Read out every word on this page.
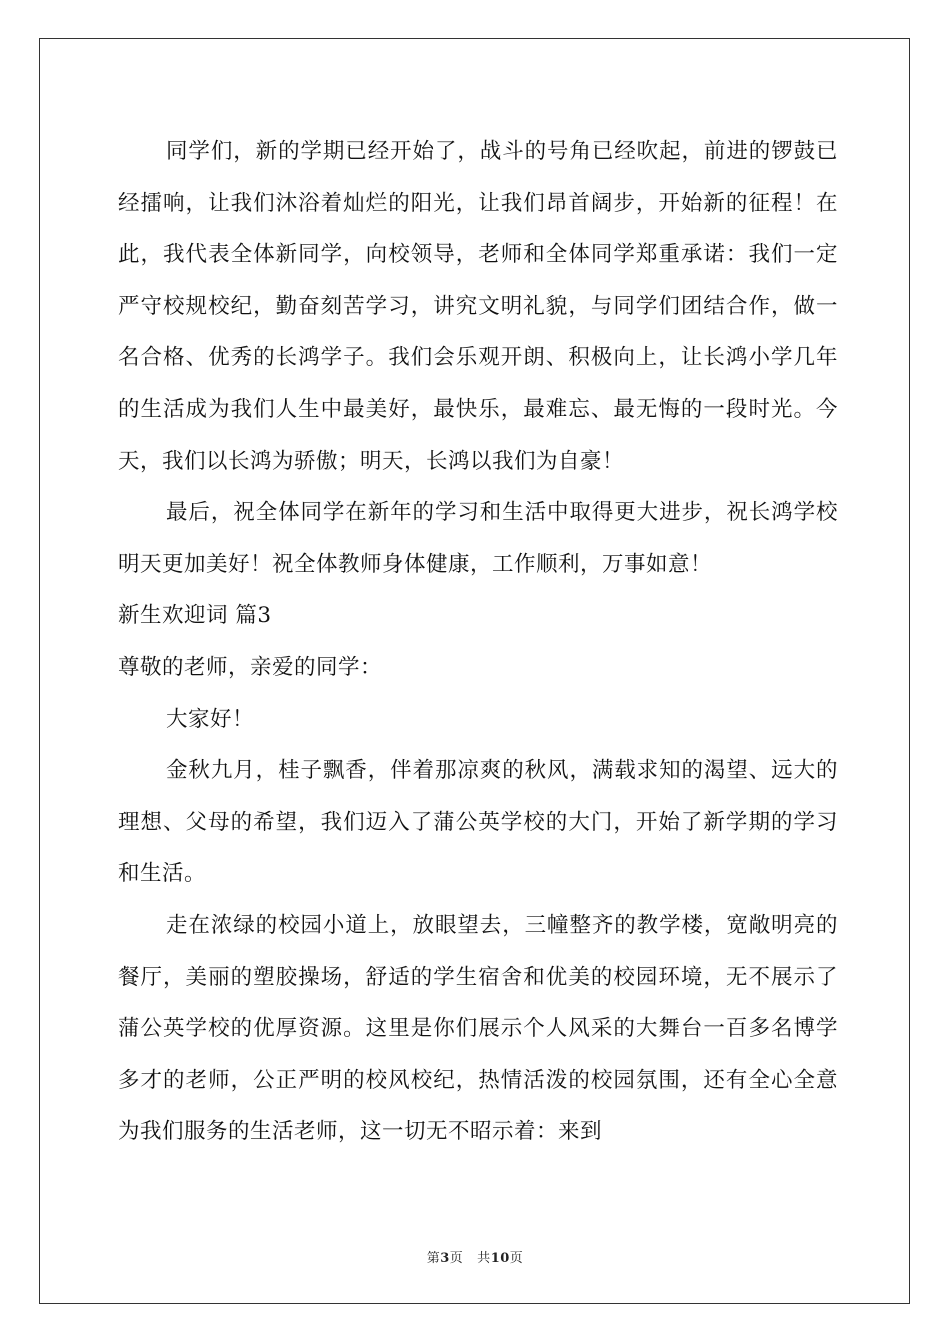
同学们，新的学期已经开始了，战斗的号角已经吹起，前进的锣鼓已经擂响，让我们沐浴着灿烂的阳光，让我们昂首阔步，开始新的征程！在此，我代表全体新同学，向校领导，老师和全体同学郑重承诺：我们一定严守校规校纪，勤奋刻苦学习，讲究文明礼貌，与同学们团结合作，做一名合格、优秀的长鸿学子。我们会乐观开朗、积极向上，让长鸿小学几年的生活成为我们人生中最美好，最快乐，最难忘、最无悔的一段时光。今天，我们以长鸿为骄傲；明天，长鸿以我们为自豪！

最后，祝全体同学在新年的学习和生活中取得更大进步，祝长鸿学校明天更加美好！祝全体教师身体健康，工作顺利，万事如意！

新生欢迎词 篇3

尊敬的老师，亲爱的同学：

大家好！

金秋九月，桂子飘香，伴着那凉爽的秋风，满载求知的渴望、远大的理想、父母的希望，我们迈入了蒲公英学校的大门，开始了新学期的学习和生活。

走在浓绿的校园小道上，放眼望去，三幢整齐的教学楼，宽敞明亮的餐厅，美丽的塑胶操场，舒适的学生宿舍和优美的校园环境，无不展示了蒲公英学校的优厚资源。这里是你们展示个人风采的大舞台一百多名博学多才的老师，公正严明的校风校纪，热情活泼的校园氛围，还有全心全意为我们服务的生活老师，这一切无不昭示着：来到

第3页 共10页
